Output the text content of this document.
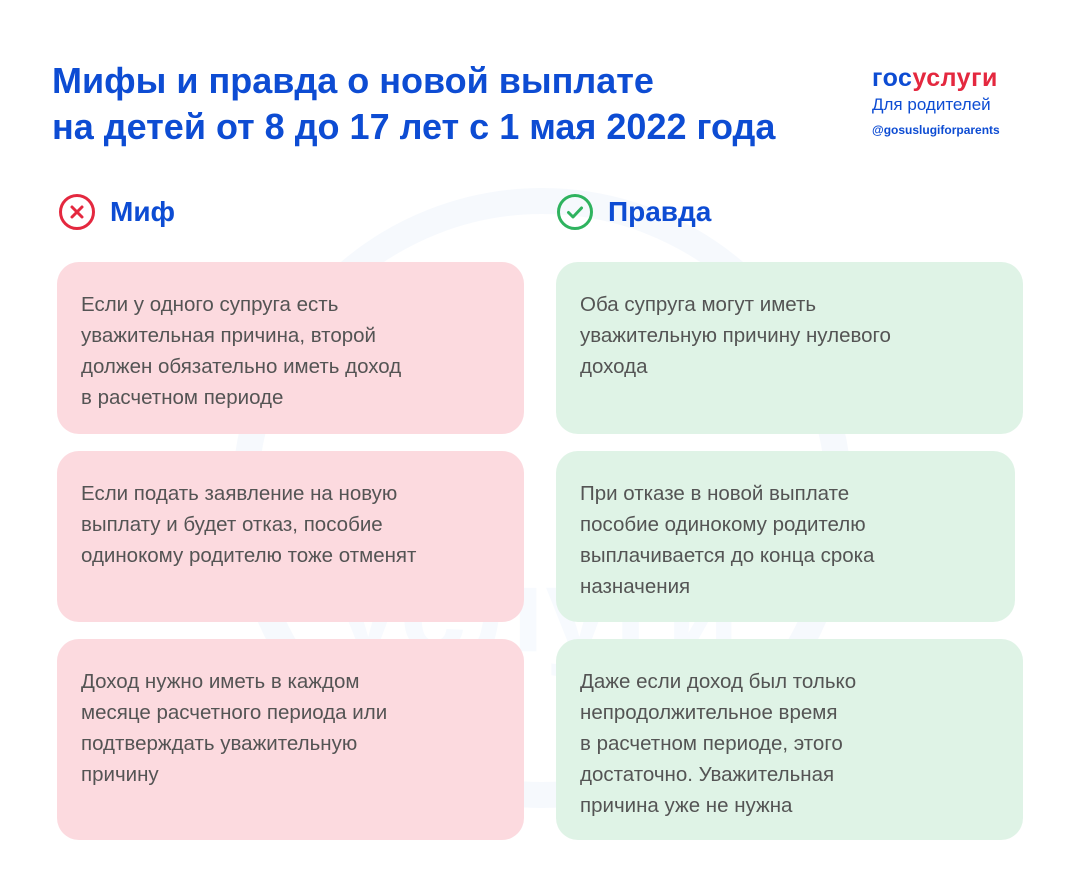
Мифы и правда о новой выплате
на детей от 8 до 17 лет с 1 мая 2022 года
госуслуги
Для родителей
@gosuslugiforparents
Миф	Правда
Если у одного супруга есть
уважительная причина, второй
должен обязательно иметь доход
в расчетном периоде
Оба супруга могут иметь
уважительную причину нулевого
дохода
Если подать заявление на новую
выплату и будет отказ, пособие
одинокому родителю тоже отменят
При отказе в новой выплате
пособие одинокому родителю
выплачивается до конца срока
назначения
Доход нужно иметь в каждом
месяце расчетного периода или
подтверждать уважительную
причину
Даже если доход был только
непродолжительное время
в расчетном периоде, этого
достаточно. Уважительная
причина уже не нужна
